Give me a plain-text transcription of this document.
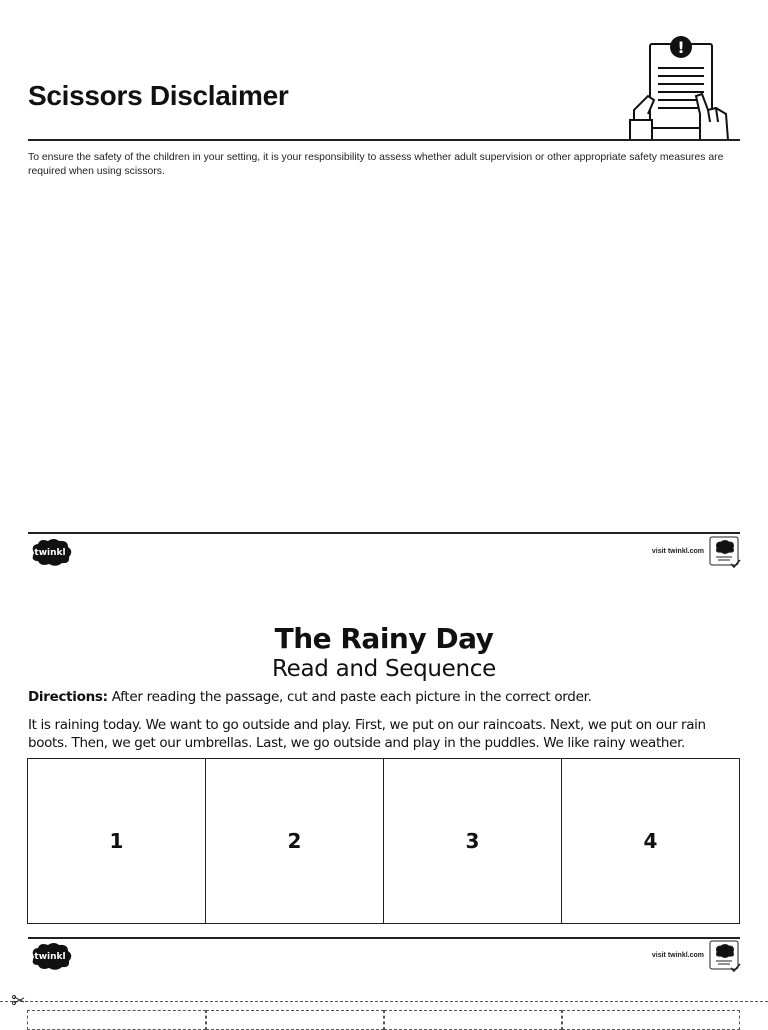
Scissors Disclaimer
!
To ensure the safety of the children in your setting, it is your responsibility to assess whether adult supervision or other appropriate safety measures are required when using scissors.
twinkl	visit twinkl.com
The Rainy Day
Read and Sequence
Directions: After reading the passage, cut and paste each picture in the correct order.
It is raining today. We want to go outside and play. First, we put on our raincoats. Next, we put on our rain boots. Then, we get our umbrellas. Last, we go outside and play in the puddles. We like rainy weather.
1	2	3	4
twinkl	visit twinkl.com
